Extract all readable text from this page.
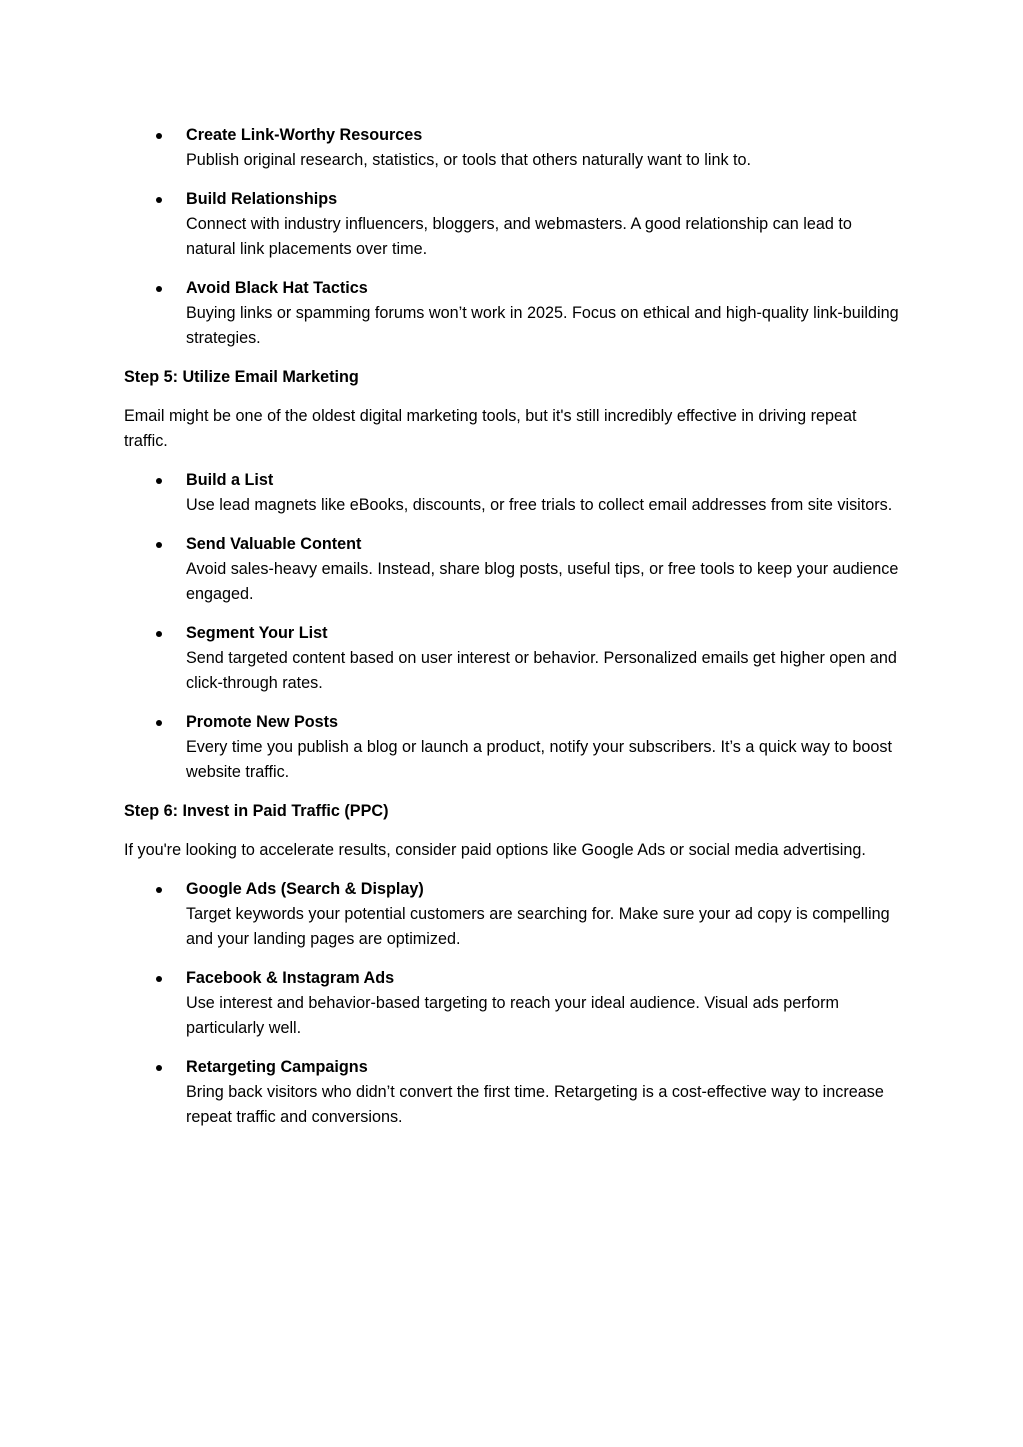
Create Link-Worthy Resources
Publish original research, statistics, or tools that others naturally want to link to.
Build Relationships
Connect with industry influencers, bloggers, and webmasters. A good relationship can lead to natural link placements over time.
Avoid Black Hat Tactics
Buying links or spamming forums won’t work in 2025. Focus on ethical and high-quality link-building strategies.

Step 5: Utilize Email Marketing

Email might be one of the oldest digital marketing tools, but it's still incredibly effective in driving repeat traffic.

Build a List
Use lead magnets like eBooks, discounts, or free trials to collect email addresses from site visitors.
Send Valuable Content
Avoid sales-heavy emails. Instead, share blog posts, useful tips, or free tools to keep your audience engaged.
Segment Your List
Send targeted content based on user interest or behavior. Personalized emails get higher open and click-through rates.
Promote New Posts
Every time you publish a blog or launch a product, notify your subscribers. It’s a quick way to boost website traffic.

Step 6: Invest in Paid Traffic (PPC)

If you're looking to accelerate results, consider paid options like Google Ads or social media advertising.

Google Ads (Search & Display)
Target keywords your potential customers are searching for. Make sure your ad copy is compelling and your landing pages are optimized.
Facebook & Instagram Ads
Use interest and behavior-based targeting to reach your ideal audience. Visual ads perform particularly well.
Retargeting Campaigns
Bring back visitors who didn’t convert the first time. Retargeting is a cost-effective way to increase repeat traffic and conversions.
